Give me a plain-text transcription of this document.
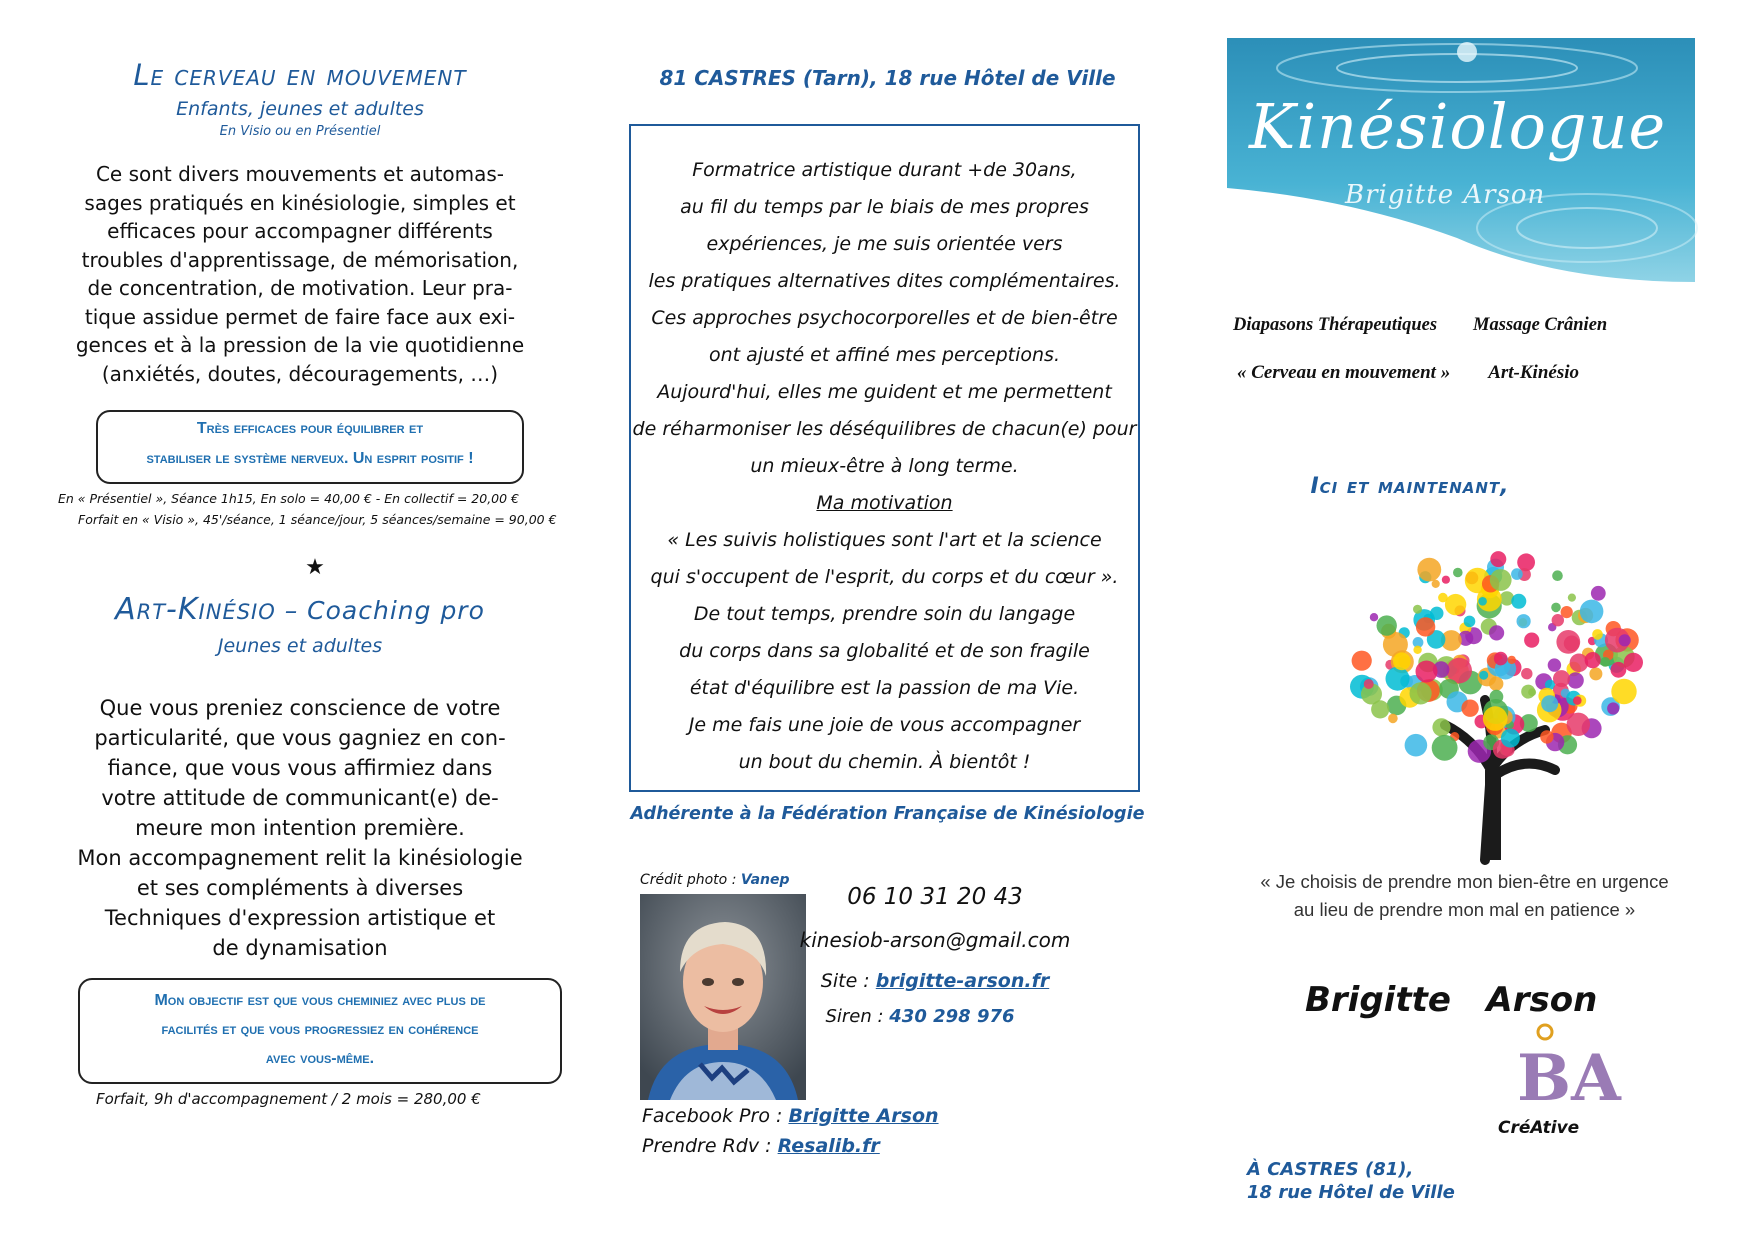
Le cerveau en mouvement
Enfants, jeunes et adultes
En Visio ou en Présentiel
Ce sont divers mouvements et automas-
sages pratiqués en kinésiologie, simples et
efficaces pour accompagner différents
troubles d'apprentissage, de mémorisation,
de concentration, de motivation. Leur pra-
tique assidue permet de faire face aux exi-
gences et à la pression de la vie quotidienne
(anxiétés, doutes, découragements, …)
Très efficaces pour équilibrer et
stabiliser le système nerveux. Un esprit positif !
En « Présentiel », Séance 1h15, En solo = 40,00 € - En collectif = 20,00 €
Forfait en « Visio », 45'/séance, 1 séance/jour, 5 séances/semaine = 90,00 €
★
Art-Kinésio – Coaching pro
Jeunes et adultes
Que vous preniez conscience de votre
particularité, que vous gagniez en con-
fiance, que vous vous affirmiez dans
votre attitude de communicant(e) de-
meure mon intention première.
Mon accompagnement relit la kinésiologie
et ses compléments à diverses
Techniques d'expression artistique et
de dynamisation
Mon objectif est que vous cheminiez avec plus de
facilités et que vous progressiez en cohérence
avec vous-même.
Forfait, 9h d'accompagnement / 2 mois = 280,00 €
81 CASTRES (Tarn), 18 rue Hôtel de Ville
Formatrice artistique durant +de 30ans,
au fil du temps par le biais de mes propres
expériences, je me suis orientée vers
les pratiques alternatives dites complémentaires.
Ces approches psychocorporelles et de bien-être
ont ajusté et affiné mes perceptions.
Aujourd'hui, elles me guident et me permettent
de réharmoniser les déséquilibres de chacun(e) pour
un mieux-être à long terme.
Ma motivation
« Les suivis holistiques sont l'art et la science
qui s'occupent de l'esprit, du corps et du cœur ».
De tout temps, prendre soin du langage
du corps dans sa globalité et de son fragile
état d'équilibre est la passion de ma Vie.
Je me fais une joie de vous accompagner
un bout du chemin. À bientôt !
Adhérente à la Fédération Française de Kinésiologie
Crédit photo : Vanep
06 10 31 20 43
kinesiob-arson@gmail.com
Site : brigitte-arson.fr
Siren : 430 298 976
Facebook Pro : Brigitte Arson
Prendre Rdv : Resalib.fr
Kinésiologue
Brigitte Arson
Diapasons Thérapeutiques Massage Crânien
« Cerveau en mouvement » Art-Kinésio
Ici et maintenant,
« Je choisis de prendre mon bien-être en urgence
au lieu de prendre mon mal en patience »
Brigitte   Arson
BA
CréAtive
À CASTRES (81),
18 rue Hôtel de Ville
